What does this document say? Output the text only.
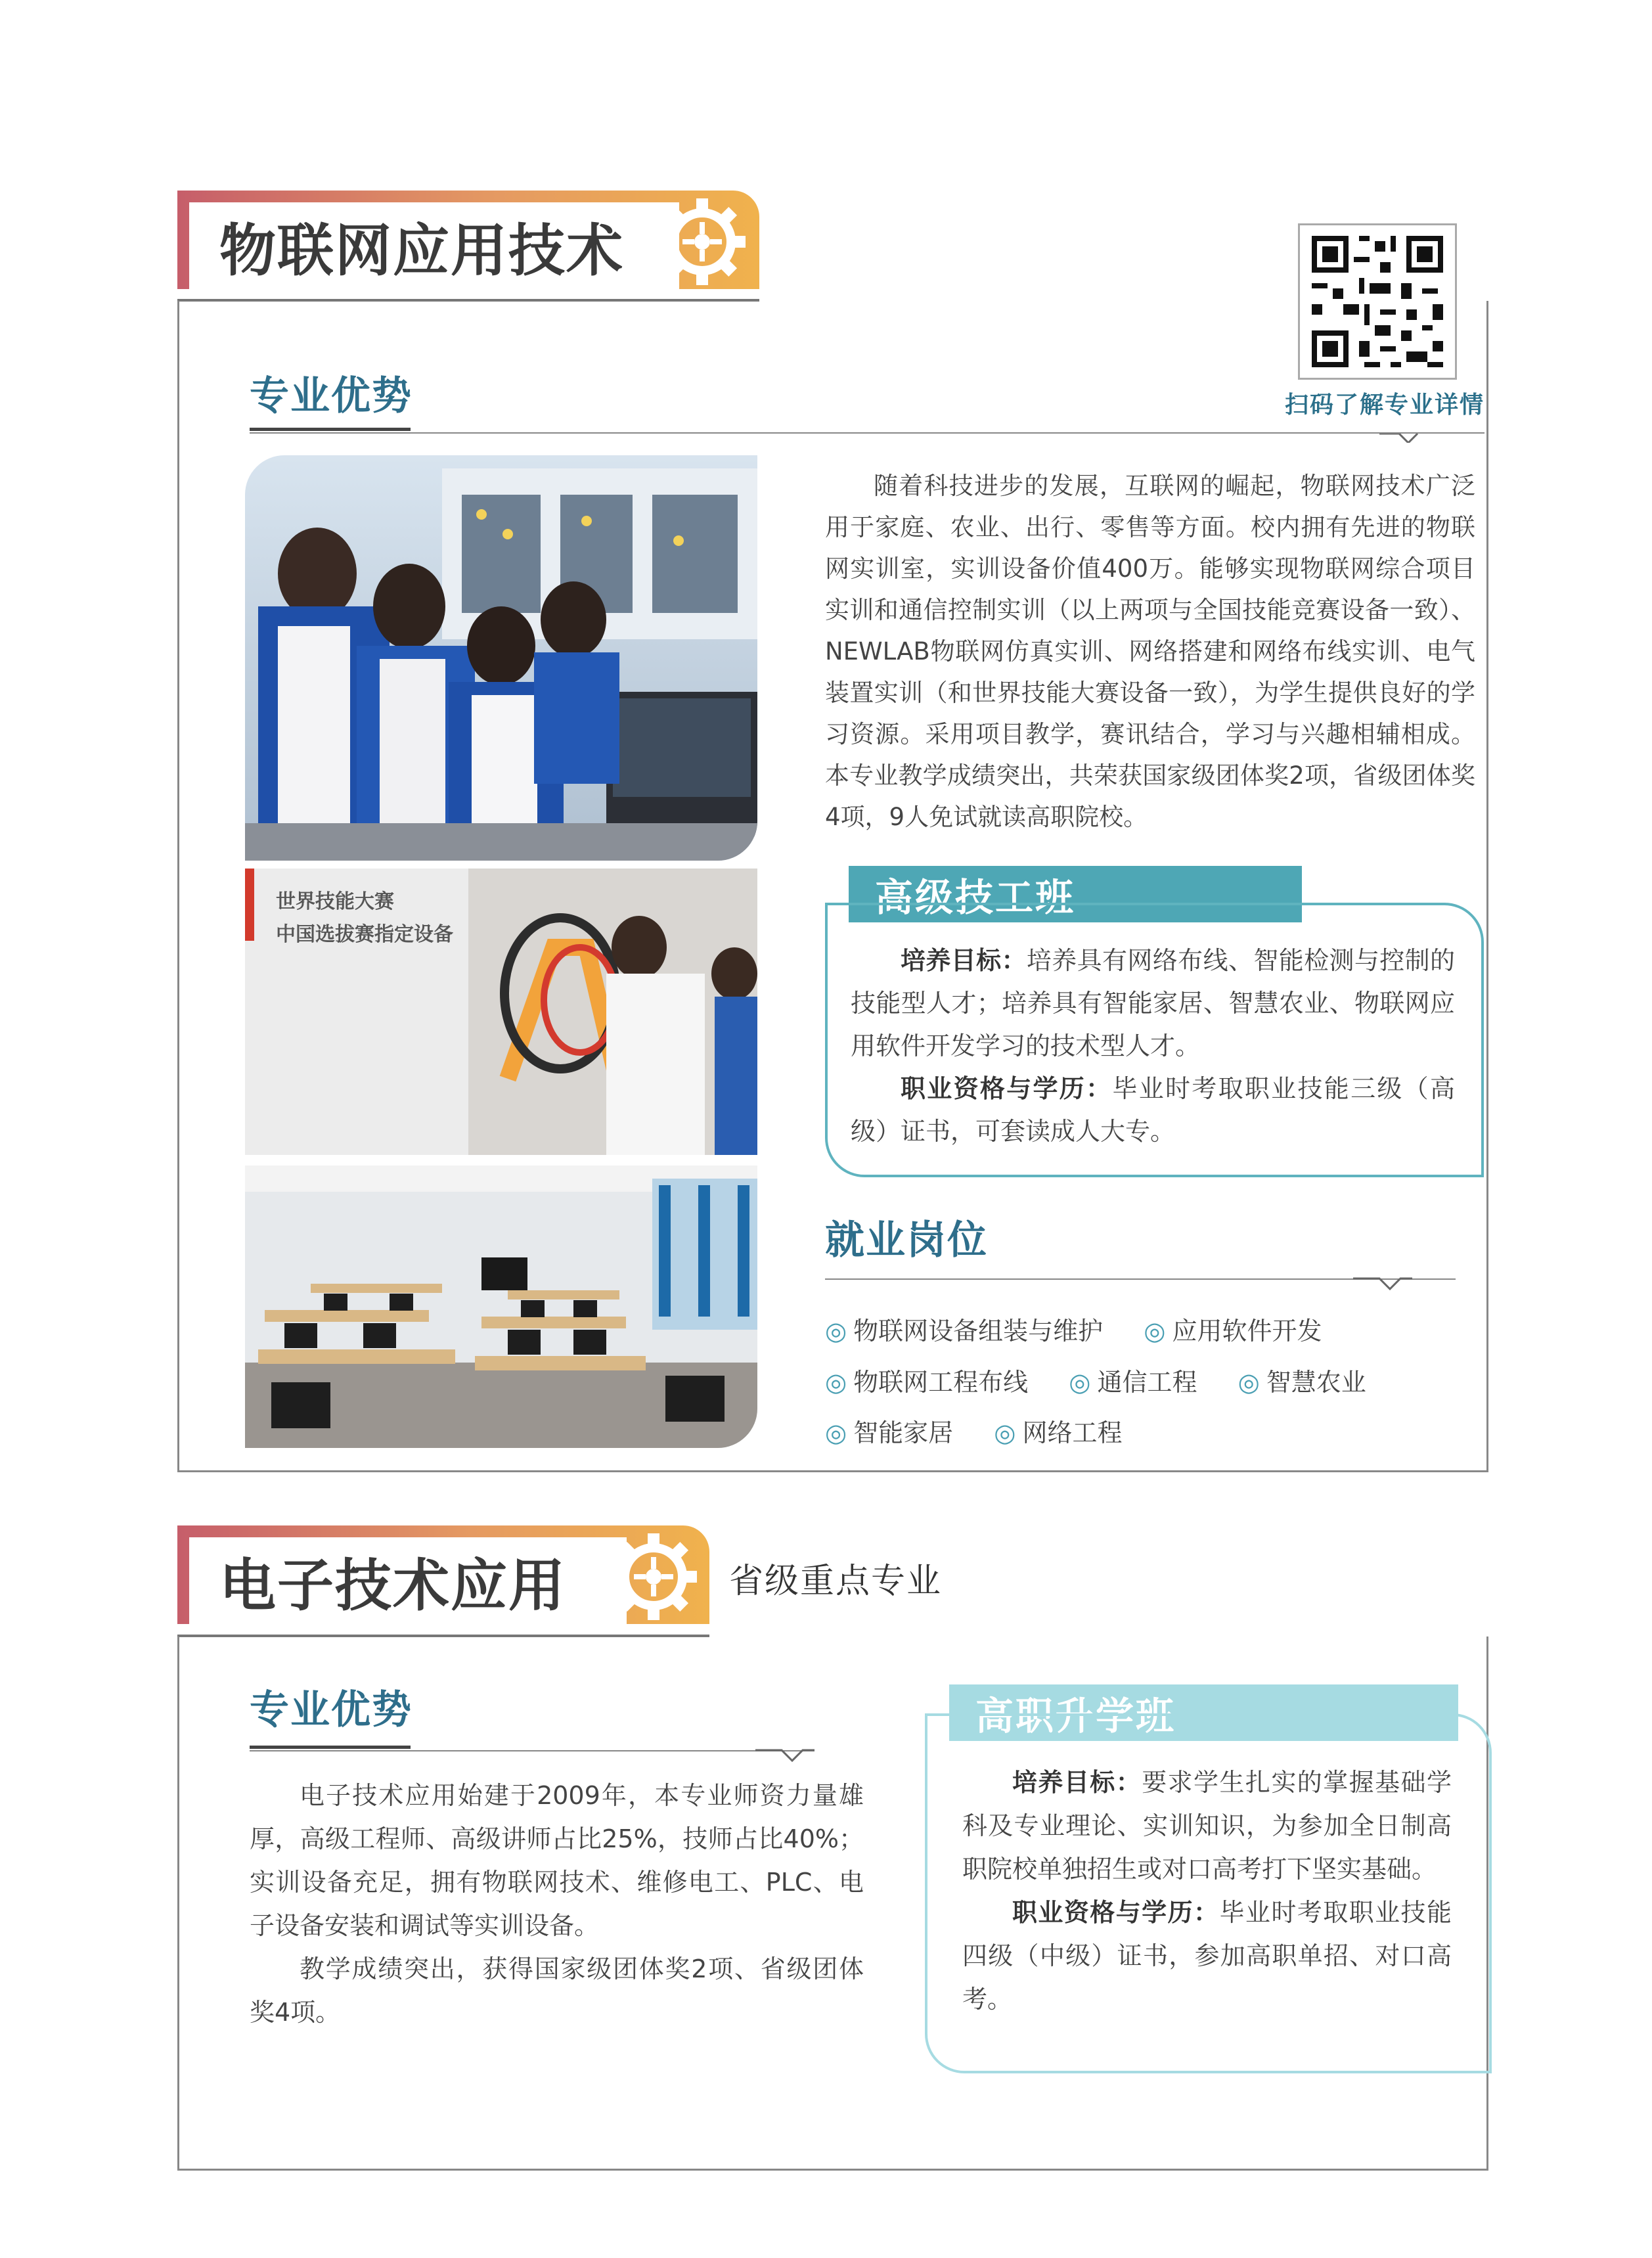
物联网应用技术
扫码了解专业详情
专业优势
世界技能大赛
中国选拔赛指定设备

随着科技进步的发展，互联网的崛起，物联网技术广泛用于家庭、农业、出行、零售等方面。校内拥有先进的物联网实训室，实训设备价值400万。能够实现物联网综合项目实训和通信控制实训（以上两项与全国技能竞赛设备一致）、NEWLAB物联网仿真实训、网络搭建和网络布线实训、电气装置实训（和世界技能大赛设备一致），为学生提供良好的学习资源。采用项目教学，赛讯结合，学习与兴趣相辅相成。本专业教学成绩突出，共荣获国家级团体奖2项，省级团体奖4项，9人免试就读高职院校。

高级技工班

培养目标：培养具有网络布线、智能检测与控制的技能型人才；培养具有智能家居、智慧农业、物联网应用软件开发学习的技术型人才。

职业资格与学历：毕业时考取职业技能三级（高级）证书，可套读成人大专。

就业岗位
◎ 物联网设备组装与维护 ◎ 应用软件开发
◎ 物联网工程布线 ◎ 通信工程 ◎ 智慧农业
◎ 智能家居 ◎ 网络工程
电子技术应用	省级重点专业
专业优势

电子技术应用始建于2009年，本专业师资力量雄厚，高级工程师、高级讲师占比25%，技师占比40%；实训设备充足，拥有物联网技术、维修电工、PLC、电子设备安装和调试等实训设备。

教学成绩突出，获得国家级团体奖2项、省级团体奖4项。

高职升学班

培养目标：要求学生扎实的掌握基础学科及专业理论、实训知识，为参加全日制高职院校单独招生或对口高考打下坚实基础。

职业资格与学历：毕业时考取职业技能四级（中级）证书，参加高职单招、对口高考。
